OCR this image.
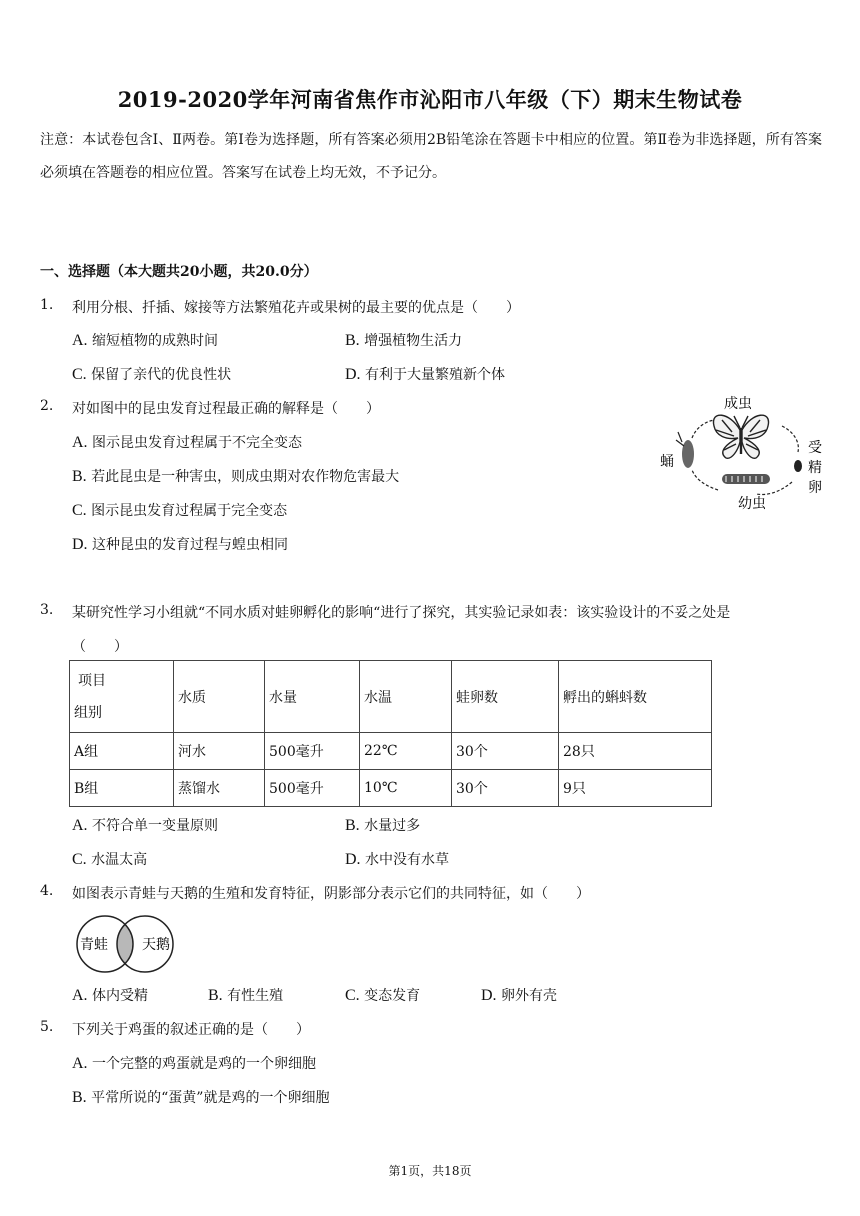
2019-2020学年河南省焦作市沁阳市八年级（下）期末生物试卷
注意：本试卷包含Ⅰ、Ⅱ两卷。第Ⅰ卷为选择题，所有答案必须用2B铅笔涂在答题卡中相应的位置。第Ⅱ卷为非选择题，所有答案必须填在答题卷的相应位置。答案写在试卷上均无效，不予记分。
一、选择题（本大题共20小题，共20.0分）
1. 利用分根、扦插、嫁接等方法繁殖花卉或果树的最主要的优点是（　　）
A. 缩短植物的成熟时间	B. 增强植物生活力
C. 保留了亲代的优良性状	D. 有利于大量繁殖新个体
2. 对如图中的昆虫发育过程最正确的解释是（　　）
A. 图示昆虫发育过程属于不完全变态
B. 若此昆虫是一种害虫，则成虫期对农作物危害最大
C. 图示昆虫发育过程属于完全变态
D. 这种昆虫的发育过程与蝗虫相同
成虫
受
精
卵
幼虫
蛹
3. 某研究性学习小组就“不同水质对蛙卵孵化的影响“进行了探究，其实验记录如表：该实验设计的不妥之处是
（　　）
项目
组别	水质	水量	水温	蛙卵数	孵出的蝌蚪数
A组	河水	500毫升	22℃	30个	28只
B组	蒸馏水	500毫升	10℃	30个	9只
A. 不符合单一变量原则	B. 水量过多
C. 水温太高	D. 水中没有水草
4. 如图表示青蛙与天鹅的生殖和发育特征，阴影部分表示它们的共同特征，如（　　）
青蛙 天鹅
A. 体内受精	B. 有性生殖	C. 变态发育	D. 卵外有壳
5. 下列关于鸡蛋的叙述正确的是（　　）
A. 一个完整的鸡蛋就是鸡的一个卵细胞
B. 平常所说的“蛋黄”就是鸡的一个卵细胞
第1页，共18页
